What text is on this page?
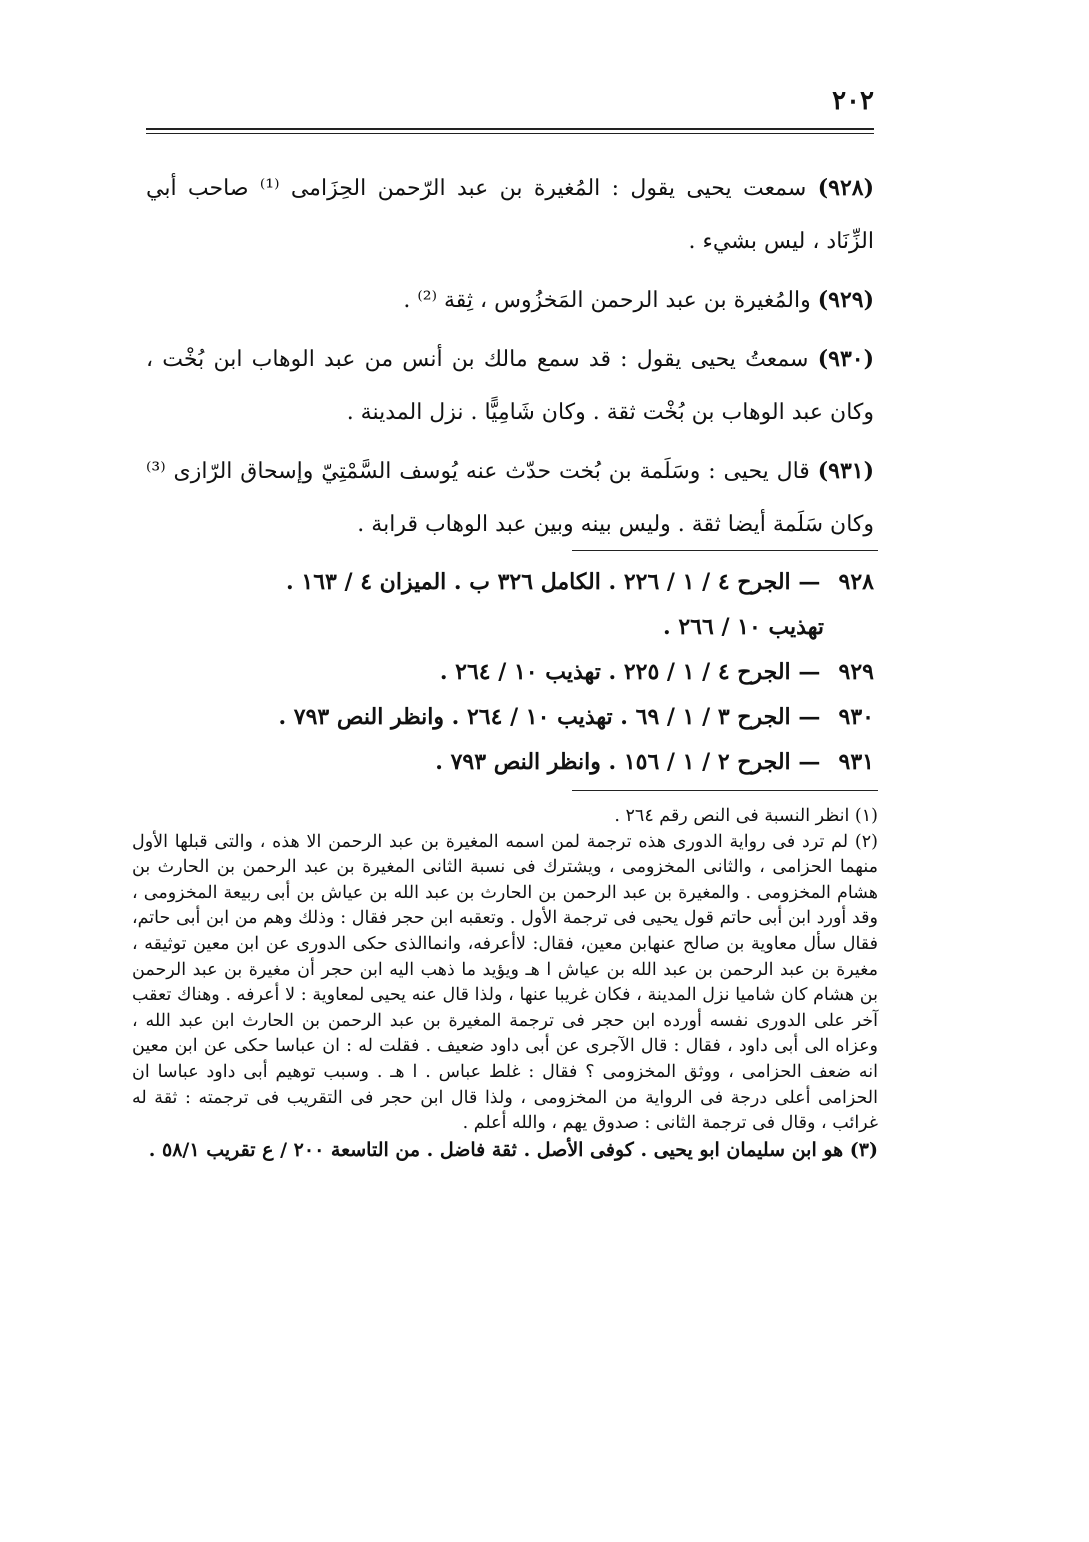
٢٠٢

(٩٢٨) سمعت يحيى يقول : المُغيرة بن عبد الرّحمن الحِزَامى ⁽¹⁾ صاحب أبي الزِّنَاد ، ليس بشيء .

(٩٢٩) والمُغيرة بن عبد الرحمن المَخزُوس ، ثِقة ⁽²⁾ .

(٩٣٠) سمعتُ يحيى يقول : قد سمع مالك بن أنس من عبد الوهاب ابن بُخْت ، وكان عبد الوهاب بن بُخْت ثقة . وكان شَامِيًّا . نزل المدينة .

(٩٣١) قال يحيى : وسَلَمة بن بُخت حدّث عنه يُوسف السَّمْتِيّ وإسحاق الرّازى ⁽³⁾ وكان سَلَمة أيضا ثقة . وليس بينه وبين عبد الوهاب قرابة .

٩٢٨ — الجرح ٤ / ١ / ٢٢٦ . الكامل ٣٢٦ ب . الميزان ٤ / ١٦٣ .
تهذيب ١٠ / ٢٦٦ .
٩٢٩ — الجرح ٤ / ١ / ٢٢٥ . تهذيب ١٠ / ٢٦٤ .
٩٣٠ — الجرح ٣ / ١ / ٦٩ . تهذيب ١٠ / ٢٦٤ . وانظر النص ٧٩٣ .
٩٣١ — الجرح ٢ / ١ / ١٥٦ . وانظر النص ٧٩٣ .

(١) انظر النسبة فى النص رقم ٢٦٤ .

(٢) لم ترد فى رواية الدورى هذه ترجمة لمن اسمه المغيرة بن عبد الرحمن الا هذه ، والتى قبلها الأول منهما الحزامى ، والثانى المخزومى ، ويشترك فى نسبة الثانى المغيرة بن عبد الرحمن بن الحارث بن هشام المخزومى . والمغيرة بن عبد الرحمن بن الحارث بن عبد الله بن عياش بن أبى ربيعة المخزومى ، وقد أورد ابن أبى حاتم قول يحيى فى ترجمة الأول . وتعقبه ابن حجر فقال : وذلك وهم من ابن أبى حاتم، فقال سأل معاوية بن صالح عنهابن معين، فقال: لاأعرفه، وانماالذى حكى الدورى عن ابن معين توثيقه ، مغيرة بن عبد الرحمن بن عبد الله بن عياش ا هـ ويؤيد ما ذهب اليه ابن حجر أن مغيرة بن عبد الرحمن بن هشام كان شاميا نزل المدينة ، فكان غريبا عنها ، ولذا قال عنه يحيى لمعاوية : لا أعرفه . وهناك تعقب آخر على الدورى نفسه أورده ابن حجر فى ترجمة المغيرة بن عبد الرحمن بن الحارث ابن عبد الله ، وعزاه الى أبى داود ، فقال : قال الآجرى عن أبى داود ضعيف . فقلت له : ان عباسا حكى عن ابن معين انه ضعف الحزامى ، ووثق المخزومى ؟ فقال : غلط عباس . ا هـ . وسبب توهيم أبى داود عباسا ان الحزامى أعلى درجة فى الرواية من المخزومى ، ولذا قال ابن حجر فى التقريب فى ترجمته : ثقة له غرائب ، وقال فى ترجمة الثانى : صدوق يهم ، والله أعلم .

(٣) هو ابن سليمان ابو يحيى . كوفى الأصل . ثقة فاضل . من التاسعة ٢٠٠ / ع تقريب ٥٨/١ .
